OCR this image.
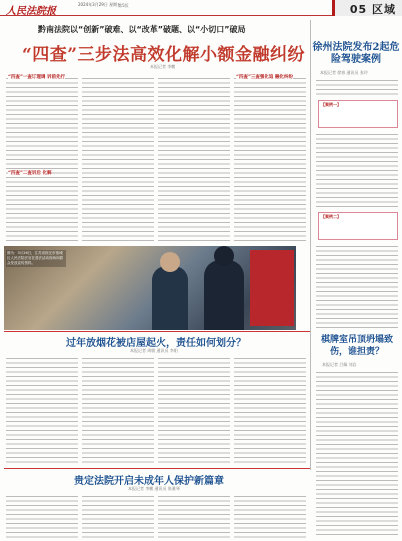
人民法院报
2024年3月29日 星期五
第5版	05 区域
黔南法院以“创新”破难、以“改革”破题、以“小切口”破局
“四查”三步法高效化解小额金融纠纷
本报记者 李鹏
“四查”一查订理调 诉前先行
“四查”二查诉后 化解
“四查”三查强化追 融化纠纷
徐州法院发布2起危险驾驶案例
本报记者 徐春 通讯员 张玲
【案例一】
【案例二】
图为：3月26日，江苏省宿迁市宿城区人民法院法官在普法活动现场向群众发放宣传资料。
过年放烟花被店屋起火，责任如何划分？
本报记者 周敏 通讯员 李阳
棋牌室吊顶坍塌致伤，谁担责？
本报记者 吕佩 刘岩
贵定法院开启未成年人保护新篇章
本报记者 李鹏 通讯员 陈雅琴
